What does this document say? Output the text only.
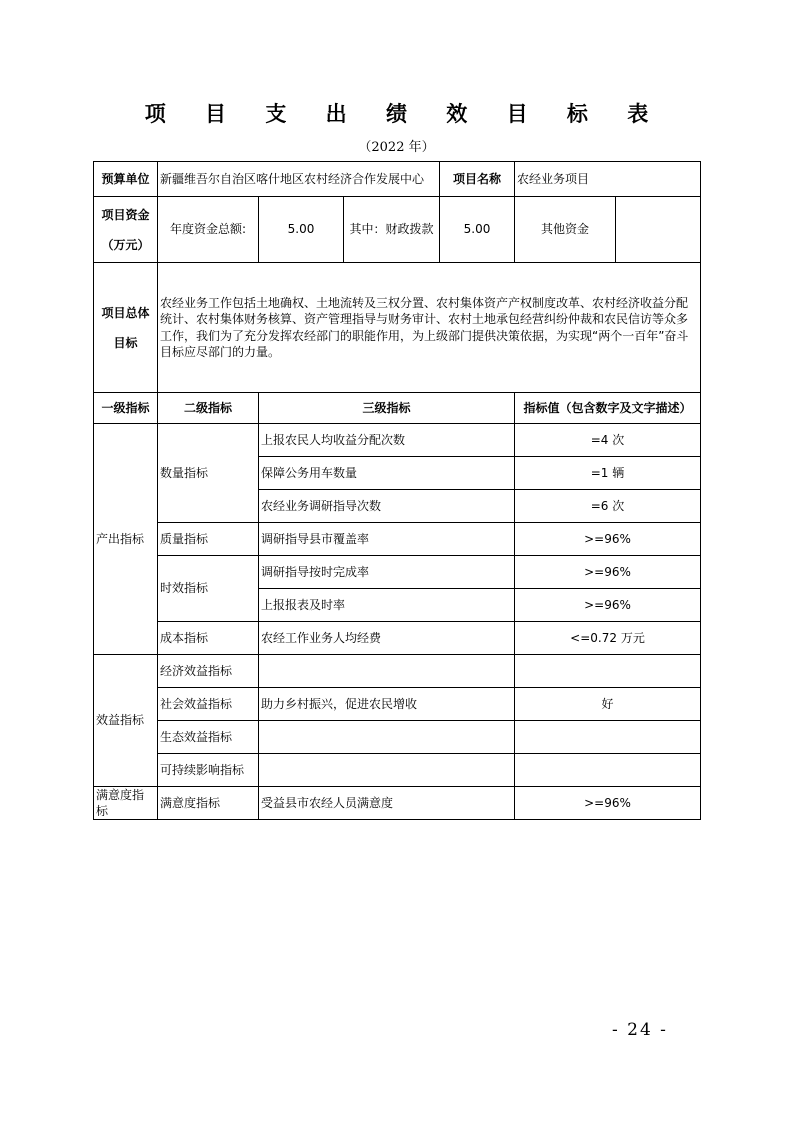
项 目 支 出 绩 效 目 标 表
（2022 年）
预算单位	新疆维吾尔自治区喀什地区农村经济合作发展中心			项目名称	农经业务项目	

项目资金
（万元）	年度资金总额:	5.00	其中：财政拨款	5.00	其他资金	
项目总体目标	农经业务工作包括土地确权、土地流转及三权分置、农村集体资产产权制度改革、农村经济收益分配统计、农村集体财务核算、资产管理指导与财务审计、农村土地承包经营纠纷仲裁和农民信访等众多工作，我们为了充分发挥农经部门的职能作用，为上级部门提供决策依据，为实现“两个一百年”奋斗目标应尽部门的力量。					
一级指标	二级指标	三级指标			指标值（包含数字及文字描述）	
产出指标	数量指标	上报农民人均收益分配次数			=4 次	
		保障公务用车数量			=1 辆	
		农经业务调研指导次数			=6 次	
	质量指标	调研指导县市覆盖率			>=96%	
	时效指标	调研指导按时完成率			>=96%	
		上报报表及时率			>=96%	
	成本指标	农经工作业务人均经费			<=0.72 万元	
效益指标	经济效益指标					
	社会效益指标	助力乡村振兴，促进农民增收			好	
	生态效益指标					
	可持续影响指标					
满意度指标	满意度指标	受益县市农经人员满意度			>=96%	
- 24 -
